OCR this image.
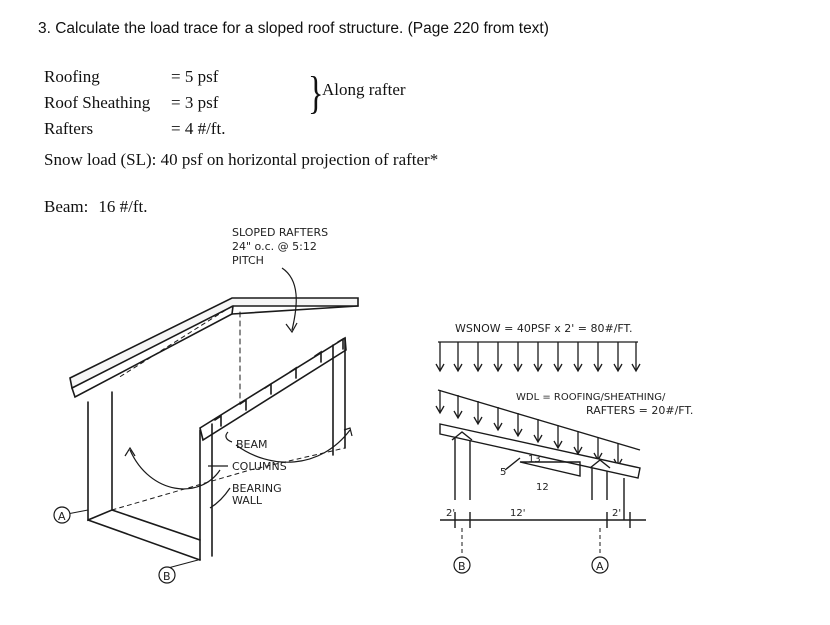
3. Calculate the load trace for a sloped roof structure. (Page 220 from text)
Roofing	= 5 psf
Roof Sheathing = 3 psf
Rafters	= 4 #/ft.
}
Along rafter
Snow load (SL): 40 psf on horizontal projection of rafter*
Beam: 16 #/ft.
A
B
SLOPED RAFTERS
24" o.c. @ 5:12
PITCH
BEAM
COLUMNS
BEARING
WALL
WSNOW = 40PSF x 2' = 80#/FT.
WDL = ROOFING/SHEATHING/
RAFTERS = 20#/FT.
13
5
12
12'
2'	2'
B	A
